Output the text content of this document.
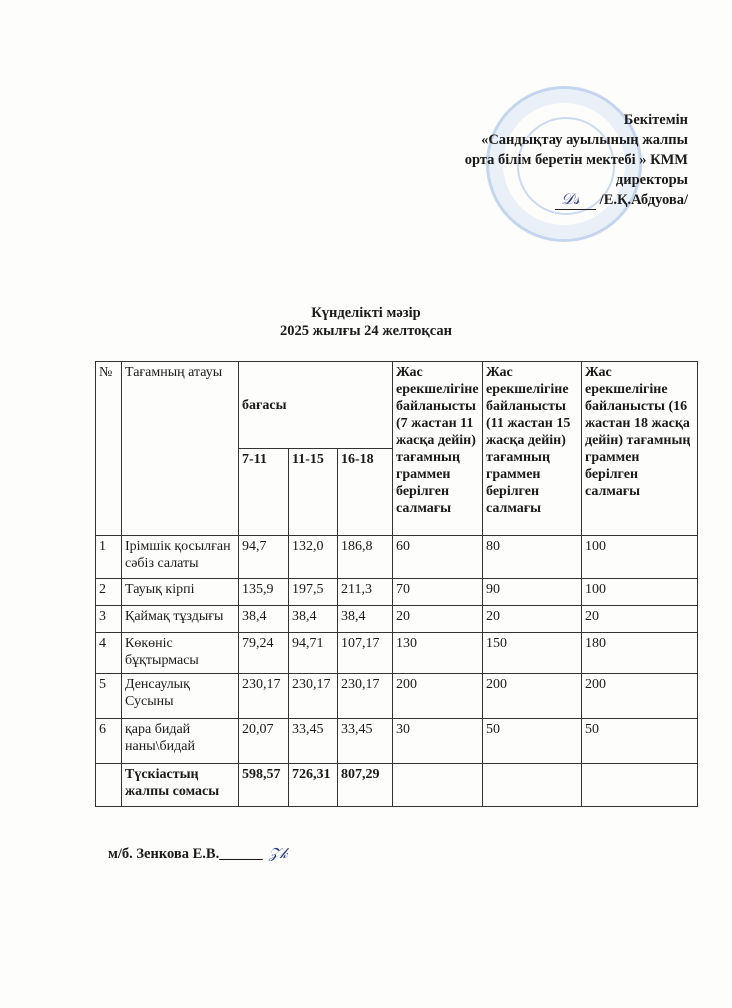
Бекітемін
«Сандықтау ауылының жалпы
орта білім беретін мектебі » КММ
директоры
𝒟𝓈 /Е.Қ.Абдуова/
Күнделікті мәзір
2025 жылғы 24 желтоқсан
№	Тағамның атауы	бағасы			Жас ерекшелігіне байланысты (7 жастан 11 жасқа дейін) тағамның граммен берілген салмағы	Жас ерекшелігіне байланысты (11 жастан 15 жасқа дейін) тағамның граммен берілген салмағы	Жас ерекшелігіне байланысты (16 жастан 18 жасқа дейін) тағамның граммен берілген салмағы
		7-11	11-15	16-18			
1	Ірімшік қосылған сәбіз салаты	94,7	132,0	186,8	60	80	100
2	Тауық кірпі	135,9	197,5	211,3	70	90	100
3	Қаймақ тұздығы	38,4	38,4	38,4	20	20	20
4	Көкөніс бұқтырмасы	79,24	94,71	107,17	130	150	180
5	Денсаулық Сусыны	230,17	230,17	230,17	200	200	200
6	қара бидай наны\бидай	20,07	33,45	33,45	30	50	50
	Түскіастың жалпы сомасы	598,57	726,31	807,29			
м/б. Зенкова Е.В.______ 𝒵𝓀
